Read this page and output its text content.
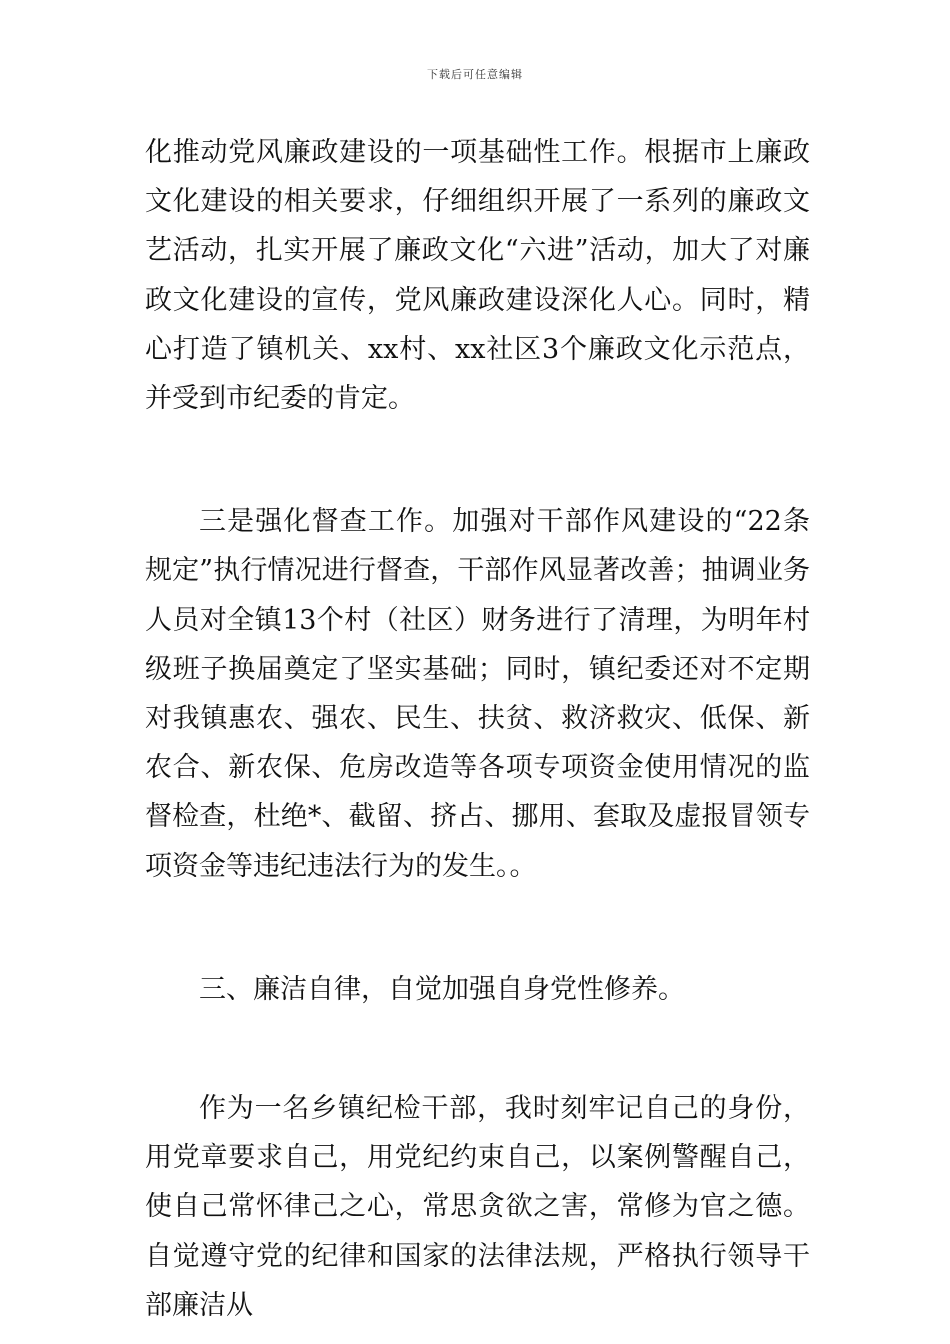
下载后可任意编辑

化推动党风廉政建设的一项基础性工作。根据市上廉政文化建设的相关要求，仔细组织开展了一系列的廉政文艺活动，扎实开展了廉政文化“六进”活动，加大了对廉政文化建设的宣传，党风廉政建设深化人心。同时，精心打造了镇机关、xx村、xx社区3个廉政文化示范点，并受到市纪委的肯定。

三是强化督查工作。加强对干部作风建设的“22条规定”执行情况进行督查，干部作风显著改善；抽调业务人员对全镇13个村（社区）财务进行了清理，为明年村级班子换届奠定了坚实基础；同时，镇纪委还对不定期对我镇惠农、强农、民生、扶贫、救济救灾、低保、新农合、新农保、危房改造等各项专项资金使用情况的监督检查，杜绝*、截留、挤占、挪用、套取及虚报冒领专项资金等违纪违法行为的发生。。

三、廉洁自律，自觉加强自身党性修养。

作为一名乡镇纪检干部，我时刻牢记自己的身份，用党章要求自己，用党纪约束自己，以案例警醒自己，使自己常怀律己之心，常思贪欲之害，常修为官之德。自觉遵守党的纪律和国家的法律法规，严格执行领导干部廉洁从
